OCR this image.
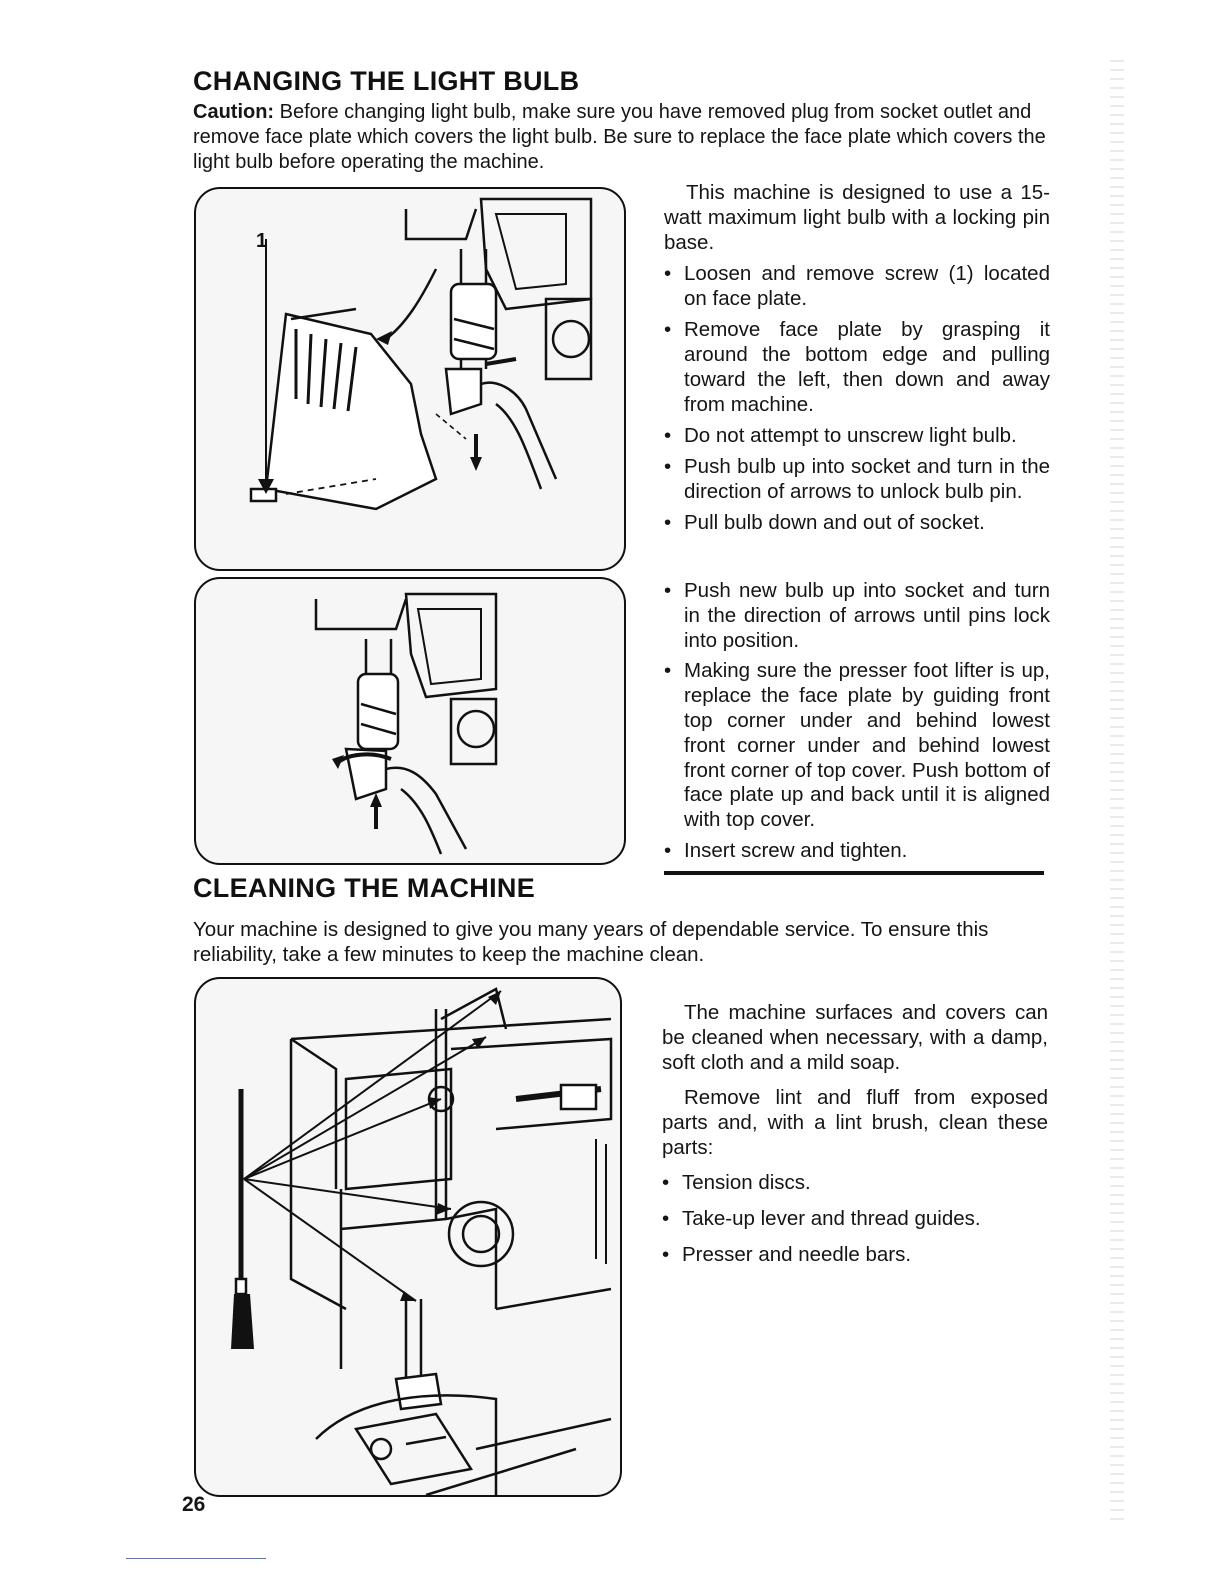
CHANGING THE LIGHT BULB
Caution: Before changing light bulb, make sure you have removed plug from socket outlet and remove face plate which covers the light bulb. Be sure to replace the face plate which covers the light bulb before operating the machine.
1

This machine is designed to use a 15-watt maximum light bulb with a locking pin base.

• Loosen and remove screw (1) located on face plate.
• Remove face plate by grasping it around the bottom edge and pulling toward the left, then down and away from machine.
• Do not attempt to unscrew light bulb.
• Push bulb up into socket and turn in the direction of arrows to unlock bulb pin.
• Pull bulb down and out of socket.
• Push new bulb up into socket and turn in the direction of arrows until pins lock into position.
• Making sure the presser foot lifter is up, replace the face plate by guiding front top corner under and behind lowest front corner under and behind lowest front corner of top cover. Push bottom of face plate up and back until it is aligned with top cover.
• Insert screw and tighten.
CLEANING THE MACHINE
Your machine is designed to give you many years of dependable service. To ensure this reliability, take a few minutes to keep the machine clean.

The machine surfaces and covers can be cleaned when necessary, with a damp, soft cloth and a mild soap.

Remove lint and fluff from exposed parts and, with a lint brush, clean these parts:

• Tension discs.
• Take-up lever and thread guides.
• Presser and needle bars.
26
